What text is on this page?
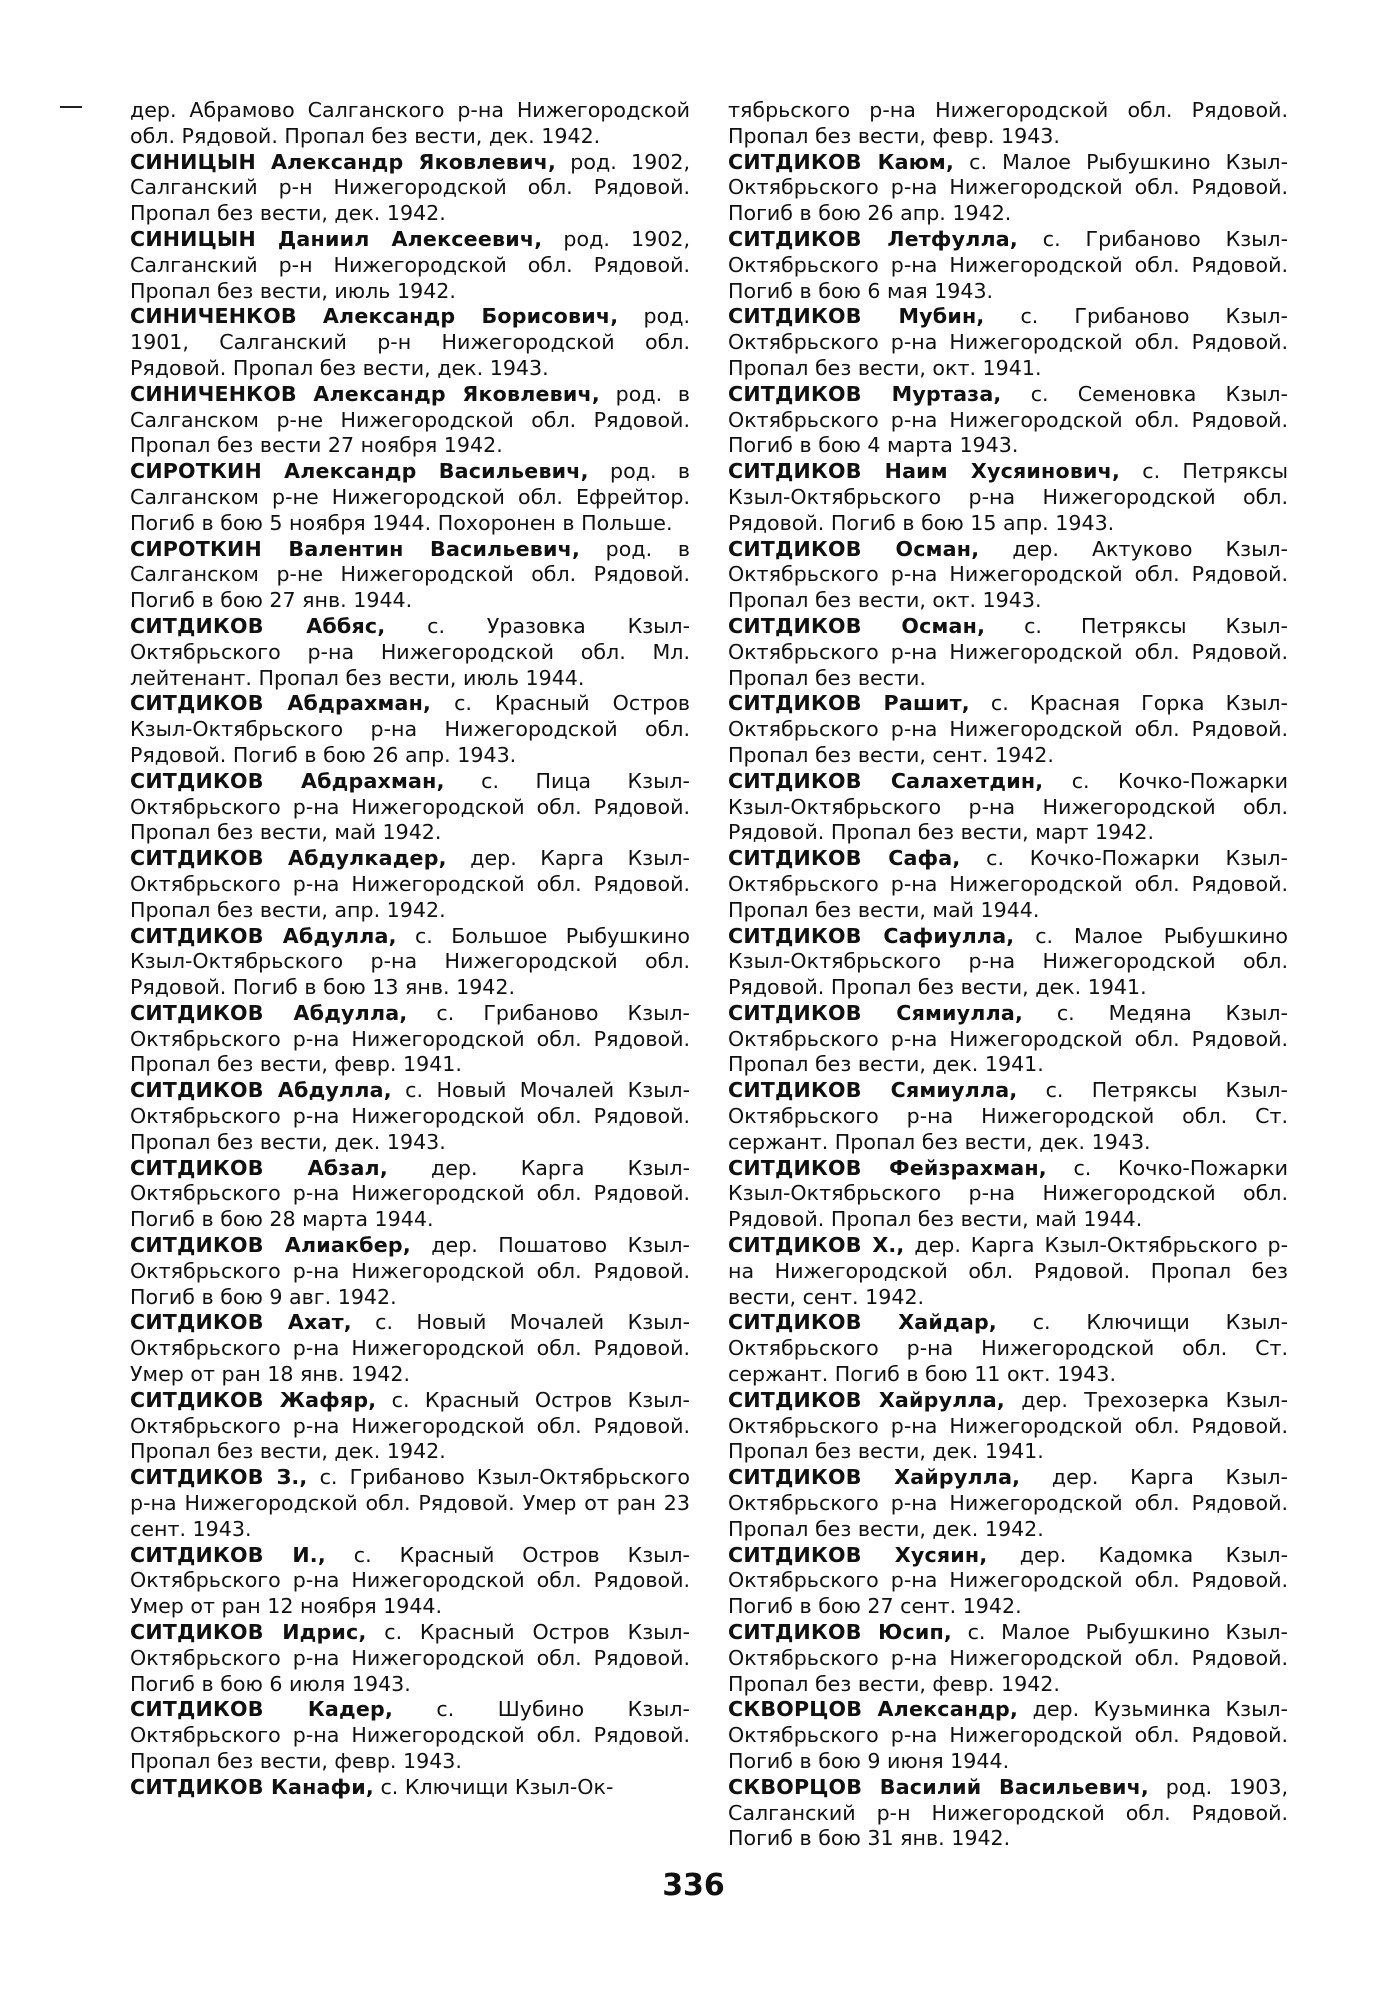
дер. Абрамово Салганского р-на Нижегородской обл. Рядовой. Пропал без вести, дек. 1942.

СИНИЦЫН Александр Яковлевич, род. 1902, Салганский р-н Нижегородской обл. Рядовой. Пропал без вести, дек. 1942.

СИНИЦЫН Даниил Алексеевич, род. 1902, Салганский р-н Нижегородской обл. Рядовой. Пропал без вести, июль 1942.

СИНИЧЕНКОВ Александр Борисович, род. 1901, Салганский р-н Нижегородской обл. Рядовой. Пропал без вести, дек. 1943.

СИНИЧЕНКОВ Александр Яковлевич, род. в Салганском р-не Нижегородской обл. Рядовой. Пропал без вести 27 ноября 1942.

СИРОТКИН Александр Васильевич, род. в Салганском р-не Нижегородской обл. Ефрейтор. Погиб в бою 5 ноября 1944. Похоронен в Польше.

СИРОТКИН Валентин Васильевич, род. в Салганском р-не Нижегородской обл. Рядовой. Погиб в бою 27 янв. 1944.

СИТДИКОВ Аббяс, с. Уразовка Кзыл-Октябрьского р-на Нижегородской обл. Мл. лейтенант. Пропал без вести, июль 1944.

СИТДИКОВ Абдрахман, с. Красный Остров Кзыл-Октябрьского р-на Нижегородской обл. Рядовой. Погиб в бою 26 апр. 1943.

СИТДИКОВ Абдрахман, с. Пица Кзыл-Октябрьского р-на Нижегородской обл. Рядовой. Пропал без вести, май 1942.

СИТДИКОВ Абдулкадер, дер. Карга Кзыл-Октябрьского р-на Нижегородской обл. Рядовой. Пропал без вести, апр. 1942.

СИТДИКОВ Абдулла, с. Большое Рыбушкино Кзыл-Октябрьского р-на Нижегородской обл. Рядовой. Погиб в бою 13 янв. 1942.

СИТДИКОВ Абдулла, с. Грибаново Кзыл-Октябрьского р-на Нижегородской обл. Рядовой. Пропал без вести, февр. 1941.

СИТДИКОВ Абдулла, с. Новый Мочалей Кзыл-Октябрьского р-на Нижегородской обл. Рядовой. Пропал без вести, дек. 1943.

СИТДИКОВ Абзал, дер. Карга Кзыл-Октябрьского р-на Нижегородской обл. Рядовой. Погиб в бою 28 марта 1944.

СИТДИКОВ Алиакбер, дер. Пошатово Кзыл-Октябрьского р-на Нижегородской обл. Рядовой. Погиб в бою 9 авг. 1942.

СИТДИКОВ Ахат, с. Новый Мочалей Кзыл-Октябрьского р-на Нижегородской обл. Рядовой. Умер от ран 18 янв. 1942.

СИТДИКОВ Жафяр, с. Красный Остров Кзыл-Октябрьского р-на Нижегородской обл. Рядовой. Пропал без вести, дек. 1942.

СИТДИКОВ З., с. Грибаново Кзыл-Октябрьского р-на Нижегородской обл. Рядовой. Умер от ран 23 сент. 1943.

СИТДИКОВ И., с. Красный Остров Кзыл-Октябрьского р-на Нижегородской обл. Рядовой. Умер от ран 12 ноября 1944.

СИТДИКОВ Идрис, с. Красный Остров Кзыл-Октябрьского р-на Нижегородской обл. Рядовой. Погиб в бою 6 июля 1943.

СИТДИКОВ Кадер, с. Шубино Кзыл-Октябрьского р-на Нижегородской обл. Рядовой. Пропал без вести, февр. 1943.

СИТДИКОВ Канафи, с. Ключищи Кзыл-Ок-

тябрьского р-на Нижегородской обл. Рядовой. Пропал без вести, февр. 1943.

СИТДИКОВ Каюм, с. Малое Рыбушкино Кзыл-Октябрьского р-на Нижегородской обл. Рядовой. Погиб в бою 26 апр. 1942.

СИТДИКОВ Летфулла, с. Грибаново Кзыл-Октябрьского р-на Нижегородской обл. Рядовой. Погиб в бою 6 мая 1943.

СИТДИКОВ Мубин, с. Грибаново Кзыл-Октябрьского р-на Нижегородской обл. Рядовой. Пропал без вести, окт. 1941.

СИТДИКОВ Муртаза, с. Семеновка Кзыл-Октябрьского р-на Нижегородской обл. Рядовой. Погиб в бою 4 марта 1943.

СИТДИКОВ Наим Хусяинович, с. Петряксы Кзыл-Октябрьского р-на Нижегородской обл. Рядовой. Погиб в бою 15 апр. 1943.

СИТДИКОВ Осман, дер. Актуково Кзыл-Октябрьского р-на Нижегородской обл. Рядовой. Пропал без вести, окт. 1943.

СИТДИКОВ Осман, с. Петряксы Кзыл-Октябрьского р-на Нижегородской обл. Рядовой. Пропал без вести.

СИТДИКОВ Рашит, с. Красная Горка Кзыл-Октябрьского р-на Нижегородской обл. Рядовой. Пропал без вести, сент. 1942.

СИТДИКОВ Салахетдин, с. Кочко-Пожарки Кзыл-Октябрьского р-на Нижегородской обл. Рядовой. Пропал без вести, март 1942.

СИТДИКОВ Сафа, с. Кочко-Пожарки Кзыл-Октябрьского р-на Нижегородской обл. Рядовой. Пропал без вести, май 1944.

СИТДИКОВ Сафиулла, с. Малое Рыбушкино Кзыл-Октябрьского р-на Нижегородской обл. Рядовой. Пропал без вести, дек. 1941.

СИТДИКОВ Сямиулла, с. Медяна Кзыл-Октябрьского р-на Нижегородской обл. Рядовой. Пропал без вести, дек. 1941.

СИТДИКОВ Сямиулла, с. Петряксы Кзыл-Октябрьского р-на Нижегородской обл. Ст. сержант. Пропал без вести, дек. 1943.

СИТДИКОВ Фейзрахман, с. Кочко-Пожарки Кзыл-Октябрьского р-на Нижегородской обл. Рядовой. Пропал без вести, май 1944.

СИТДИКОВ Х., дер. Карга Кзыл-Октябрьского р-на Нижегородской обл. Рядовой. Пропал без вести, сент. 1942.

СИТДИКОВ Хайдар, с. Ключищи Кзыл-Октябрьского р-на Нижегородской обл. Ст. сержант. Погиб в бою 11 окт. 1943.

СИТДИКОВ Хайрулла, дер. Трехозерка Кзыл-Октябрьского р-на Нижегородской обл. Рядовой. Пропал без вести, дек. 1941.

СИТДИКОВ Хайрулла, дер. Карга Кзыл-Октябрьского р-на Нижегородской обл. Рядовой. Пропал без вести, дек. 1942.

СИТДИКОВ Хусяин, дер. Кадомка Кзыл-Октябрьского р-на Нижегородской обл. Рядовой. Погиб в бою 27 сент. 1942.

СИТДИКОВ Юсип, с. Малое Рыбушкино Кзыл-Октябрьского р-на Нижегородской обл. Рядовой. Пропал без вести, февр. 1942.

СКВОРЦОВ Александр, дер. Кузьминка Кзыл-Октябрьского р-на Нижегородской обл. Рядовой. Погиб в бою 9 июня 1944.

СКВОРЦОВ Василий Васильевич, род. 1903, Салганский р-н Нижегородской обл. Рядовой. Погиб в бою 31 янв. 1942.

336
